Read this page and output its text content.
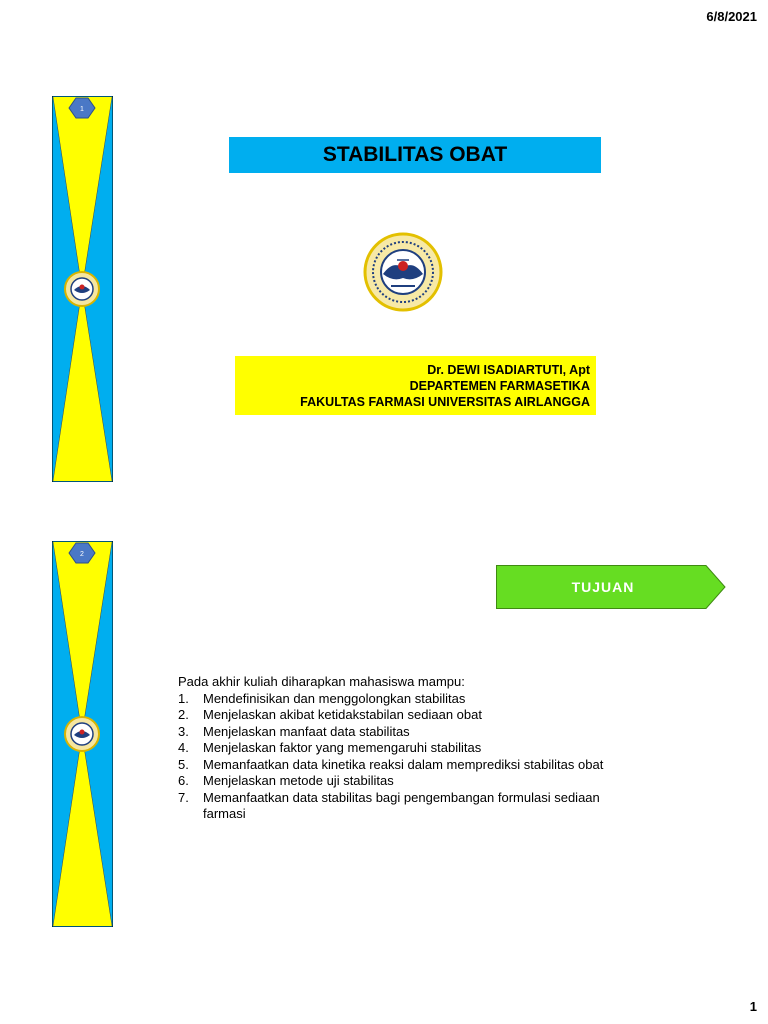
6/8/2021
1
STABILITAS OBAT
Dr. DEWI ISADIARTUTI, Apt
DEPARTEMEN FARMASETIKA
FAKULTAS FARMASI UNIVERSITAS AIRLANGGA
2
TUJUAN
Pada akhir kuliah diharapkan mahasiswa mampu:
1.	Mendefinisikan dan menggolongkan stabilitas
2.	Menjelaskan akibat ketidakstabilan sediaan obat
3.	Menjelaskan manfaat data stabilitas
4.	Menjelaskan faktor yang memengaruhi stabilitas
5.	Memanfaatkan data kinetika reaksi dalam memprediksi stabilitas obat
6.	Menjelaskan metode uji stabilitas
7.	Memanfaatkan data stabilitas bagi pengembangan formulasi sediaan farmasi
1
